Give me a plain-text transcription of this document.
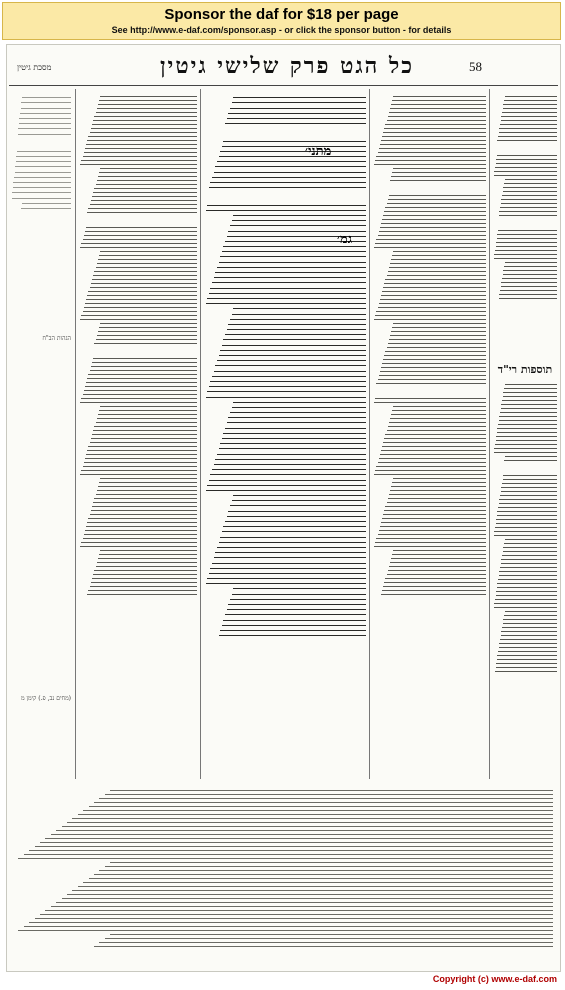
Sponsor the daf for $18 per page
See http://www.e-daf.com/sponsor.asp - or click the sponsor button - for details
מסכת גיטין	כל הגט פרק שלישי גיטין	58
הגהות הב"ח
(מחים נב, פ.) קימן מ
מתני׳
גמ׳
תוספות רי"ד
Copyright (c) www.e-daf.com
